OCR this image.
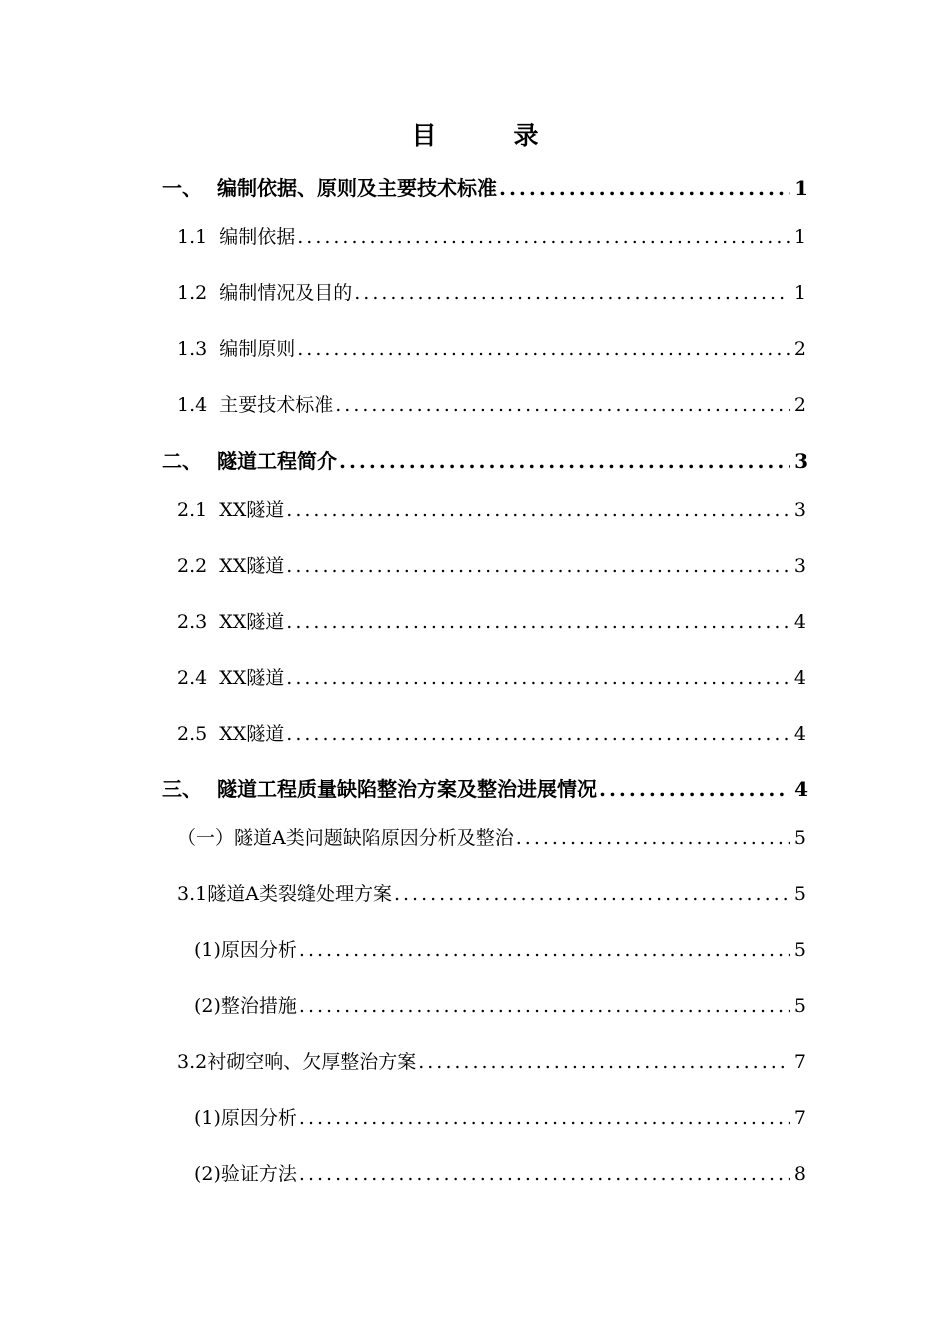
目　录
一、 编制依据、原则及主要技术标准 .....	1
1.1 编制依据 .....	1
1.2 编制情况及目的 .....	1
1.3 编制原则 .....	2
1.4 主要技术标准 .....	2
二、 隧道工程简介 .....	3
2.1 XX隧道 .....	3
2.2 XX隧道 .....	3
2.3 XX隧道 .....	4
2.4 XX隧道 .....	4
2.5 XX隧道 .....	4
三、 隧道工程质量缺陷整治方案及整治进展情况 .....	4
（一）隧道A类问题缺陷原因分析及整治 .....	5
3.1隧道A类裂缝处理方案 .....	5
(1)原因分析 .....	5
(2)整治措施 .....	5
3.2衬砌空响、欠厚整治方案 .....	7
(1)原因分析 .....	7
(2)验证方法 .....	8
